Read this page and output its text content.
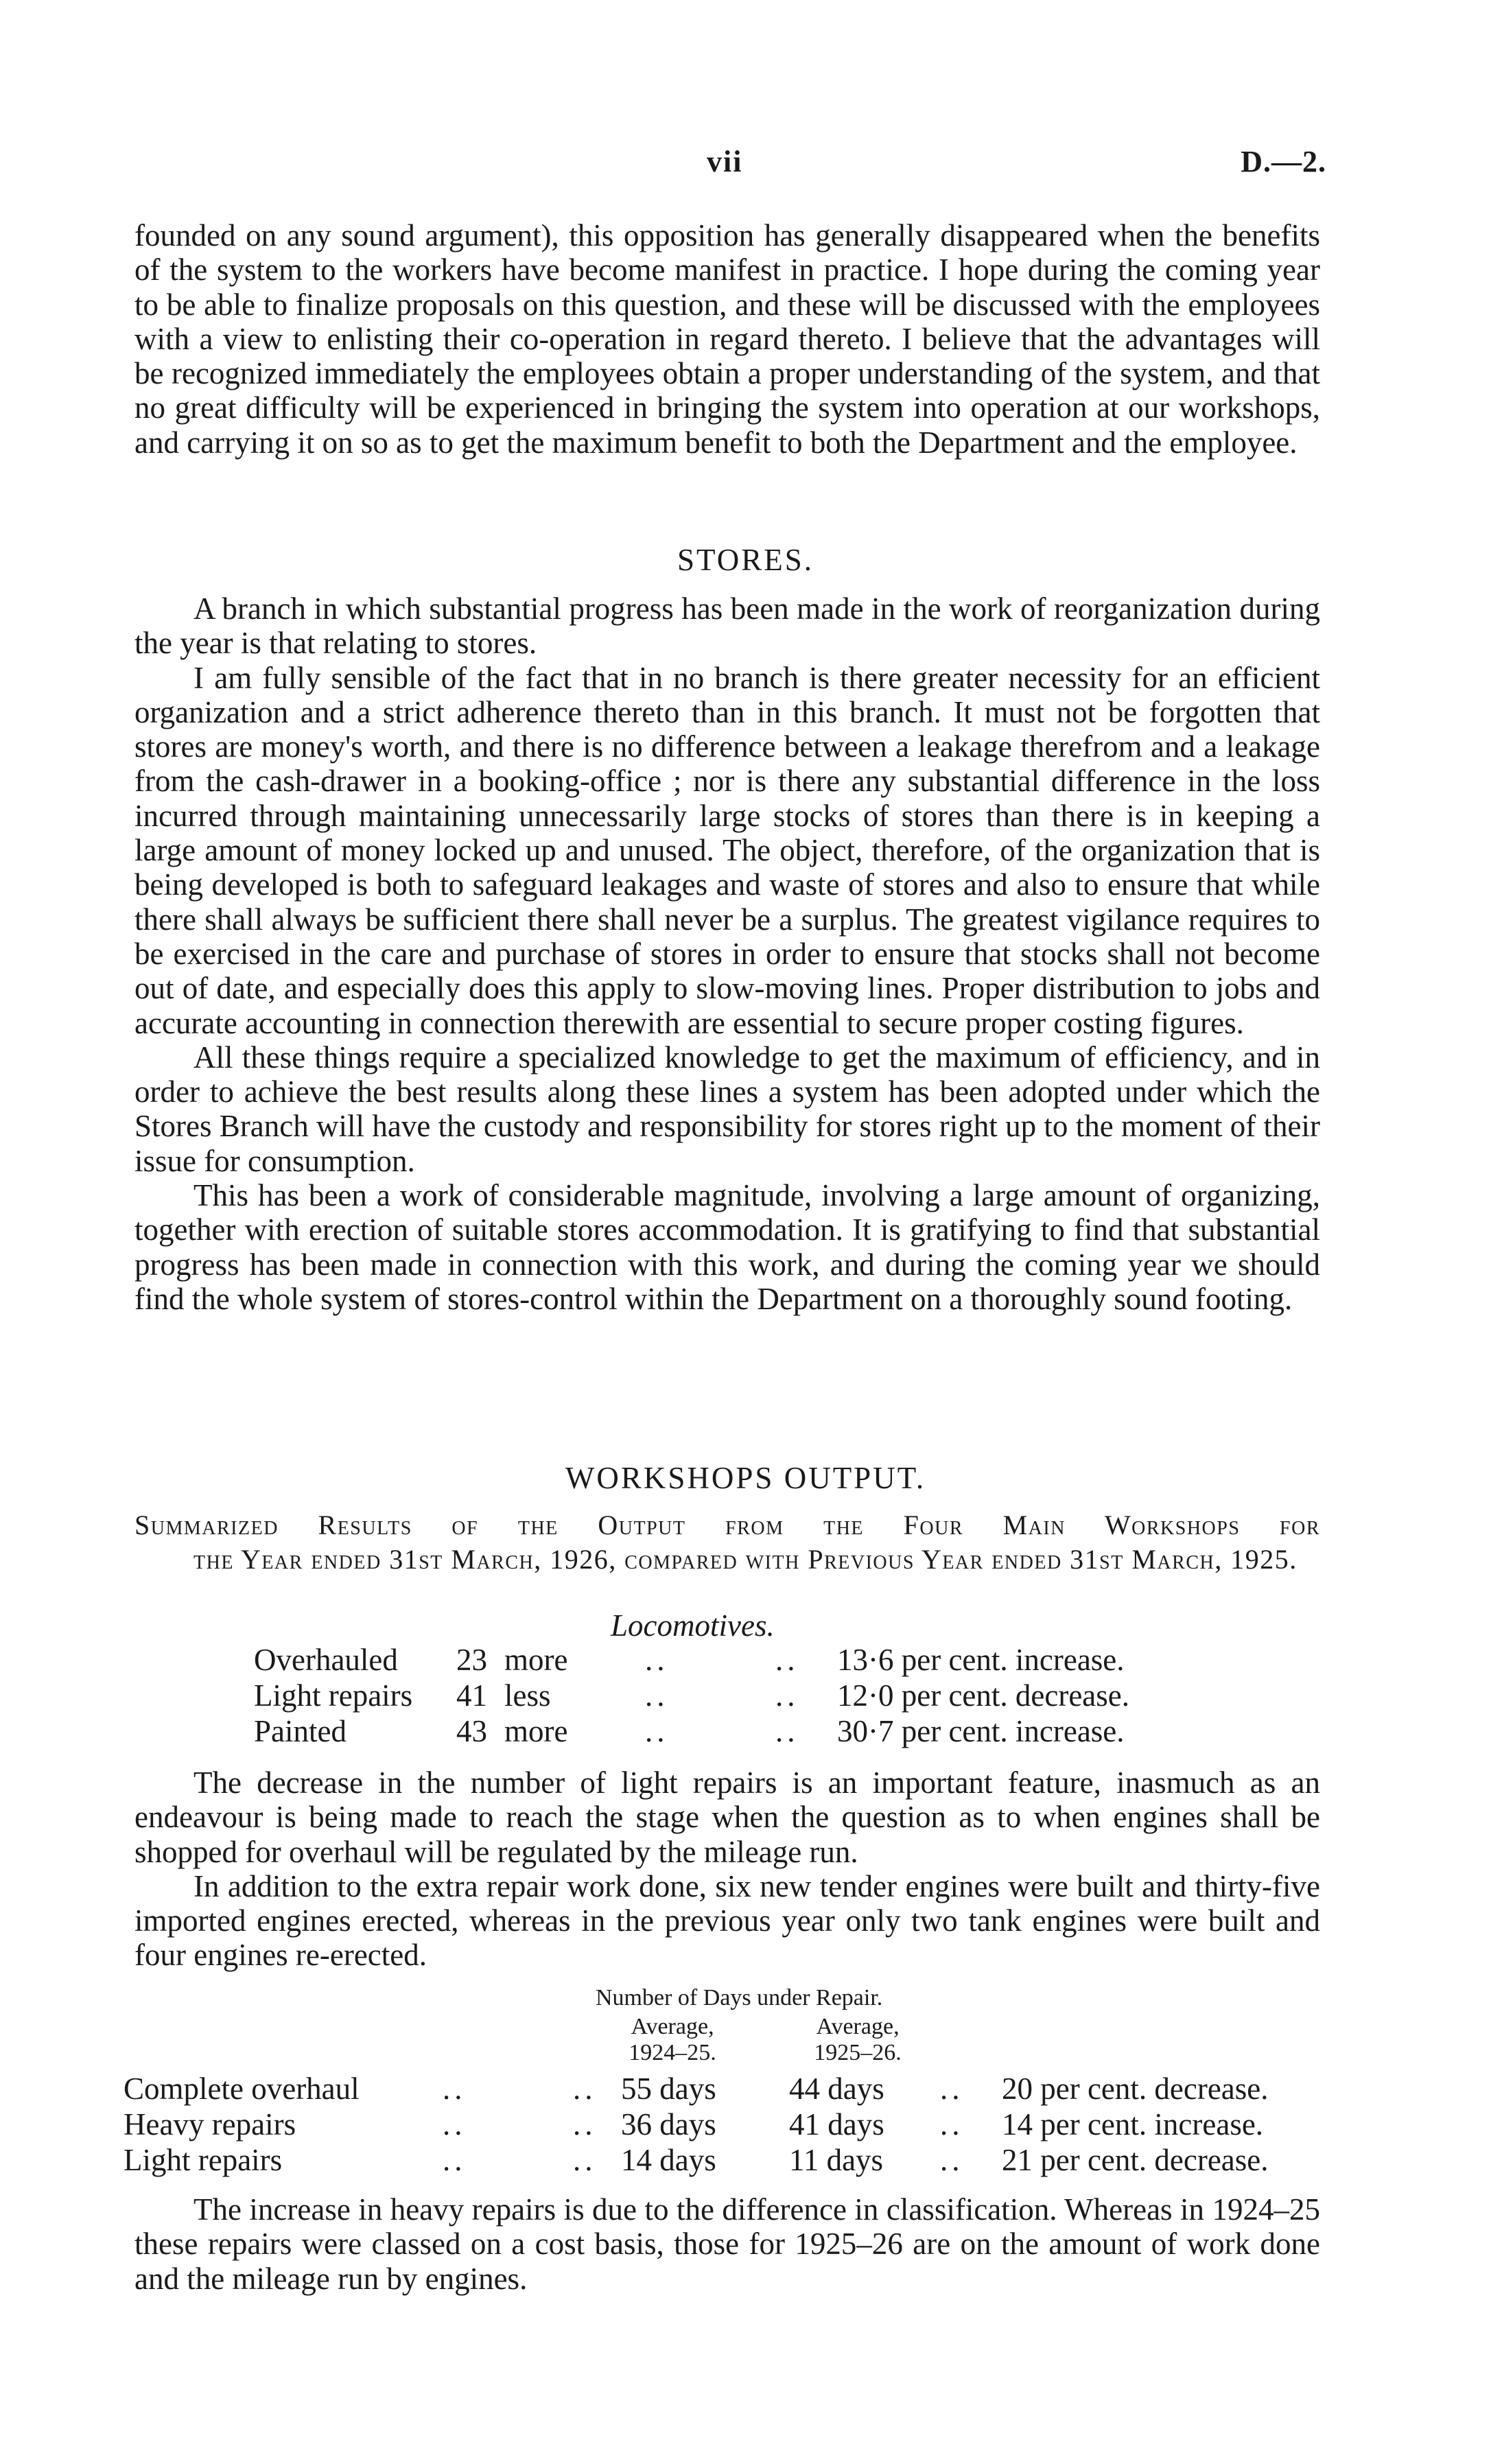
vii	D.—2.

founded on any sound argument), this opposition has generally disappeared when the benefits of the system to the workers have become manifest in practice. I hope during the coming year to be able to finalize proposals on this question, and these will be discussed with the employees with a view to enlisting their co-operation in regard thereto. I believe that the advantages will be recognized immediately the employees obtain a proper understanding of the system, and that no great difficulty will be experienced in bringing the system into operation at our workshops, and carrying it on so as to get the maximum benefit to both the Department and the employee.

STORES.

A branch in which substantial progress has been made in the work of reorganization during the year is that relating to stores.

I am fully sensible of the fact that in no branch is there greater necessity for an efficient organization and a strict adherence thereto than in this branch. It must not be forgotten that stores are money's worth, and there is no difference between a leakage therefrom and a leakage from the cash-drawer in a booking-office ; nor is there any substantial difference in the loss incurred through maintaining unnecessarily large stocks of stores than there is in keeping a large amount of money locked up and unused. The object, therefore, of the organization that is being developed is both to safeguard leakages and waste of stores and also to ensure that while there shall always be sufficient there shall never be a surplus. The greatest vigilance requires to be exercised in the care and purchase of stores in order to ensure that stocks shall not become out of date, and especially does this apply to slow-moving lines. Proper distribution to jobs and accurate accounting in connection therewith are essential to secure proper costing figures.

All these things require a specialized knowledge to get the maximum of efficiency, and in order to achieve the best results along these lines a system has been adopted under which the Stores Branch will have the custody and responsibility for stores right up to the moment of their issue for consumption.

This has been a work of considerable magnitude, involving a large amount of organizing, together with erection of suitable stores accommodation. It is gratifying to find that substantial progress has been made in connection with this work, and during the coming year we should find the whole system of stores-control within the Department on a thoroughly sound footing.

WORKSHOPS OUTPUT.
Summarized Results of the Output from the Four Main Workshops for
the Year ended 31st March, 1926, compared with Previous Year ended 31st March, 1925.
Locomotives.
Overhauled	23	more	..	..	13·6 per cent. increase.
Light repairs	41	less	..	..	12·0 per cent. decrease.
Painted	43	more	..	..	30·7 per cent. increase.

The decrease in the number of light repairs is an important feature, inasmuch as an endeavour is being made to reach the stage when the question as to when engines shall be shopped for overhaul will be regulated by the mileage run.

In addition to the extra repair work done, six new tender engines were built and thirty-five imported engines erected, whereas in the previous year only two tank engines were built and four engines re-erected.

Number of Days under Repair.
Average,
1924–25.
Average,
1925–26.
Complete overhaul	..	..	55 days	44 days	..	20 per cent. decrease.
Heavy repairs	..	..	36 days	41 days	..	14 per cent. increase.
Light repairs	..	..	14 days	11 days	..	21 per cent. decrease.

The increase in heavy repairs is due to the difference in classification. Whereas in 1924–25 these repairs were classed on a cost basis, those for 1925–26 are on the amount of work done and the mileage run by engines.
